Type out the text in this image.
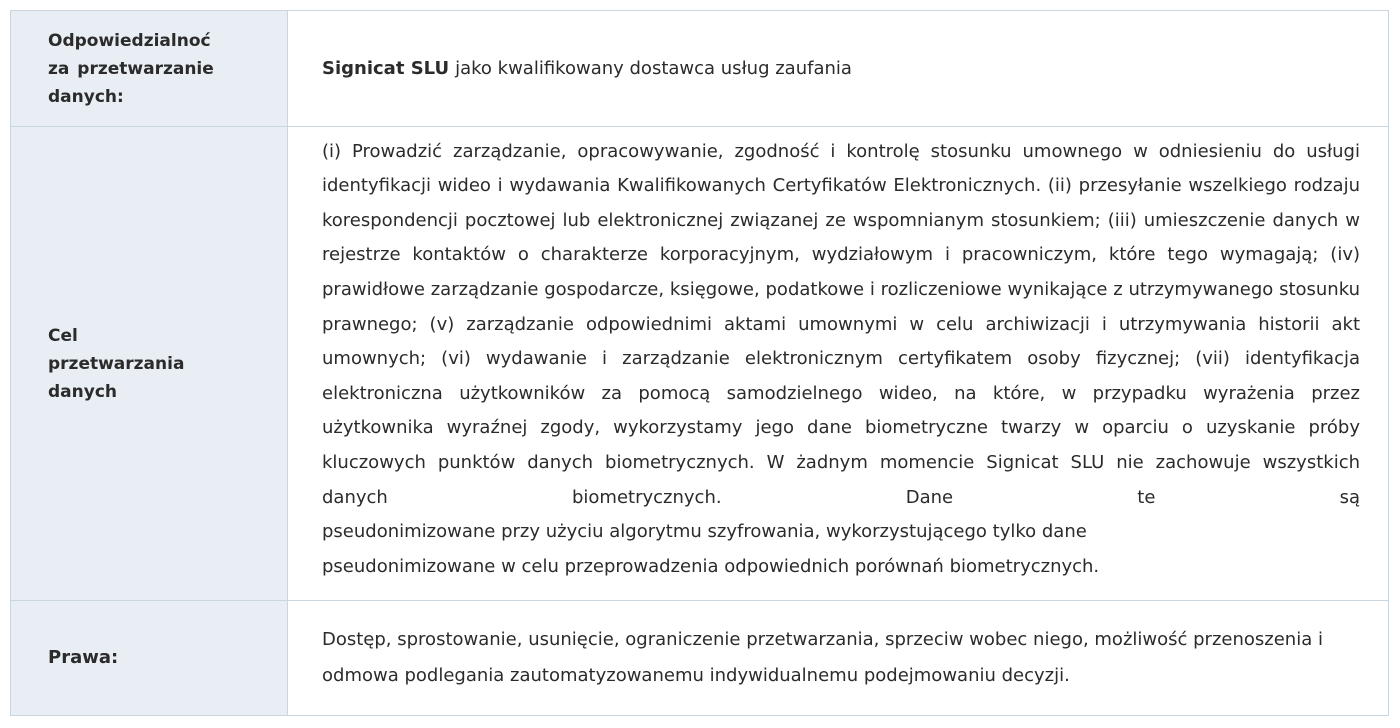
Odpowiedzialnoć za przetwarzanie danych:
Signicat SLU jako kwalifikowany dostawca usług zaufania
Cel przetwarzania danych
(i) Prowadzić zarządzanie, opracowywanie, zgodność i kontrolę stosunku umownego w odniesieniu do usługi identyfikacji wideo i wydawania Kwalifikowanych Certyfikatów Elektronicznych. (ii) przesyłanie wszelkiego rodzaju korespondencji pocztowej lub elektronicznej związanej ze wspomnianym stosunkiem; (iii) umieszczenie danych w rejestrze kontaktów o charakterze korporacyjnym, wydziałowym i pracowniczym, które tego wymagają; (iv) prawidłowe zarządzanie gospodarcze, księgowe, podatkowe i rozliczeniowe wynikające z utrzymywanego stosunku prawnego; (v) zarządzanie odpowiednimi aktami umownymi w celu archiwizacji i utrzymywania historii akt umownych; (vi) wydawanie i zarządzanie elektronicznym certyfikatem osoby fizycznej; (vii) identyfikacja elektroniczna użytkowników za pomocą samodzielnego wideo, na które, w przypadku wyrażenia przez użytkownika wyraźnej zgody, wykorzystamy jego dane biometryczne twarzy w oparciu o uzyskanie próby kluczowych punktów danych biometrycznych. W żadnym momencie Signicat SLU nie zachowuje wszystkich danych biometrycznych. Dane te są
pseudonimizowane przy użyciu algorytmu szyfrowania, wykorzystującego tylko dane
pseudonimizowane w celu przeprowadzenia odpowiednich porównań biometrycznych.
Prawa:
Dostęp, sprostowanie, usunięcie, ograniczenie przetwarzania, sprzeciw wobec niego, możliwość przenoszenia i odmowa podlegania zautomatyzowanemu indywidualnemu podejmowaniu decyzji.
